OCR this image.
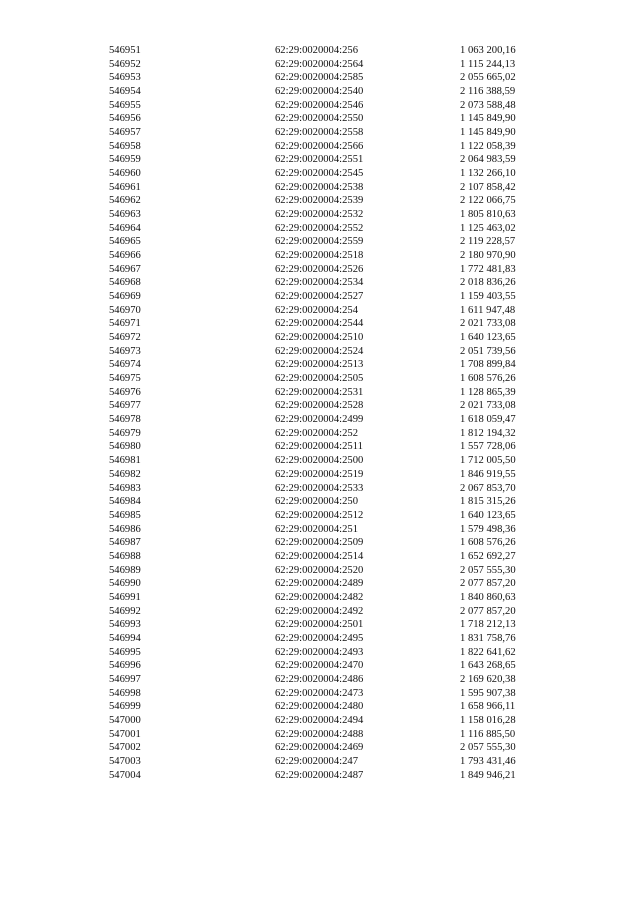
546951	62:29:0020004:256	1 063 200,16
546952	62:29:0020004:2564	1 115 244,13
546953	62:29:0020004:2585	2 055 665,02
546954	62:29:0020004:2540	2 116 388,59
546955	62:29:0020004:2546	2 073 588,48
546956	62:29:0020004:2550	1 145 849,90
546957	62:29:0020004:2558	1 145 849,90
546958	62:29:0020004:2566	1 122 058,39
546959	62:29:0020004:2551	2 064 983,59
546960	62:29:0020004:2545	1 132 266,10
546961	62:29:0020004:2538	2 107 858,42
546962	62:29:0020004:2539	2 122 066,75
546963	62:29:0020004:2532	1 805 810,63
546964	62:29:0020004:2552	1 125 463,02
546965	62:29:0020004:2559	2 119 228,57
546966	62:29:0020004:2518	2 180 970,90
546967	62:29:0020004:2526	1 772 481,83
546968	62:29:0020004:2534	2 018 836,26
546969	62:29:0020004:2527	1 159 403,55
546970	62:29:0020004:254	1 611 947,48
546971	62:29:0020004:2544	2 021 733,08
546972	62:29:0020004:2510	1 640 123,65
546973	62:29:0020004:2524	2 051 739,56
546974	62:29:0020004:2513	1 708 899,84
546975	62:29:0020004:2505	1 608 576,26
546976	62:29:0020004:2531	1 128 865,39
546977	62:29:0020004:2528	2 021 733,08
546978	62:29:0020004:2499	1 618 059,47
546979	62:29:0020004:252	1 812 194,32
546980	62:29:0020004:2511	1 557 728,06
546981	62:29:0020004:2500	1 712 005,50
546982	62:29:0020004:2519	1 846 919,55
546983	62:29:0020004:2533	2 067 853,70
546984	62:29:0020004:250	1 815 315,26
546985	62:29:0020004:2512	1 640 123,65
546986	62:29:0020004:251	1 579 498,36
546987	62:29:0020004:2509	1 608 576,26
546988	62:29:0020004:2514	1 652 692,27
546989	62:29:0020004:2520	2 057 555,30
546990	62:29:0020004:2489	2 077 857,20
546991	62:29:0020004:2482	1 840 860,63
546992	62:29:0020004:2492	2 077 857,20
546993	62:29:0020004:2501	1 718 212,13
546994	62:29:0020004:2495	1 831 758,76
546995	62:29:0020004:2493	1 822 641,62
546996	62:29:0020004:2470	1 643 268,65
546997	62:29:0020004:2486	2 169 620,38
546998	62:29:0020004:2473	1 595 907,38
546999	62:29:0020004:2480	1 658 966,11
547000	62:29:0020004:2494	1 158 016,28
547001	62:29:0020004:2488	1 116 885,50
547002	62:29:0020004:2469	2 057 555,30
547003	62:29:0020004:247	1 793 431,46
547004	62:29:0020004:2487	1 849 946,21
